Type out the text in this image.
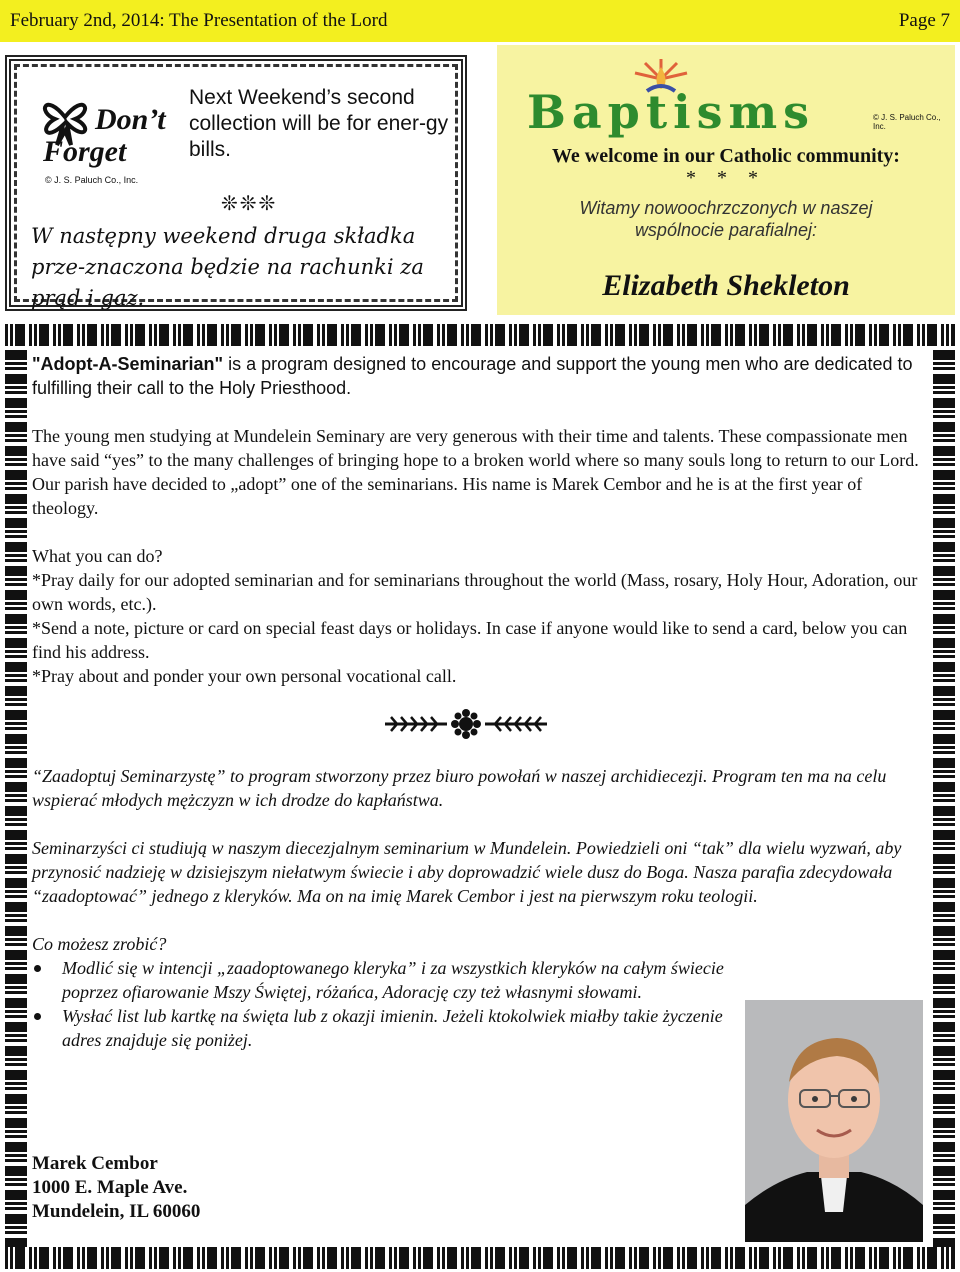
February 2nd, 2014: The Presentation of the Lord	Page 7
Don’t
Forget
© J. S. Paluch Co., Inc.
Next Weekend’s second collection will be for ener-gy bills.
❊❊❊
W następny weekend druga składka prze-znaczona będzie na rachunki za prąd i gaz.
Baptisms	© J. S. Paluch Co., Inc.
We welcome in our Catholic community:
* * *
Witamy nowoochrzczonych w naszej
wspólnocie parafialnej:
Elizabeth Shekleton

"Adopt-A-Seminarian" is a program designed to encourage and support the young men who are dedicated to fulfilling their call to the Holy Priesthood.

The young men studying at Mundelein Seminary are very generous with their time and talents. These compassionate men have said “yes” to the many challenges of bringing hope to a broken world where so many souls long to return to our Lord. Our parish have decided to „adopt” one of the seminarians. His name is Marek Cembor and he is at the first year of theology.

What you can do?

*Pray daily for our adopted seminarian and for seminarians throughout the world (Mass, rosary, Holy Hour, Adoration, our own words, etc.).

*Send a note, picture or card on special feast days or holidays. In case if anyone would like to send a card, below you can find his address.

*Pray about and ponder your own personal vocational call.

“Zaadoptuj Seminarzystę” to program stworzony przez biuro powołań w naszej archidiecezji. Program ten ma na celu wspierać młodych mężczyzn w ich drodze do kapłaństwa.

Seminarzyści ci studiują w naszym diecezjalnym seminarium w Mundelein. Powiedzieli oni “tak” dla wielu wyzwań, aby przynosić nadzieję w dzisiejszym niełatwym świecie i aby doprowadzić wiele dusz do Boga. Nasza parafia zdecydowała “zaadoptować” jednego z kleryków. Ma on na imię Marek Cembor i jest na pierwszym roku teologii.

Co możesz zrobić?

Modlić się w intencji „zaadoptowanego kleryka” i za wszystkich kleryków na całym świecie poprzez ofiarowanie Mszy Świętej, różańca, Adorację czy też własnymi słowami.
Wysłać list lub kartkę na święta lub z okazji imienin. Jeżeli ktokolwiek miałby takie życzenie adres znajduje się poniżej.
Marek Cembor
1000 E. Maple Ave.
Mundelein, IL 60060
